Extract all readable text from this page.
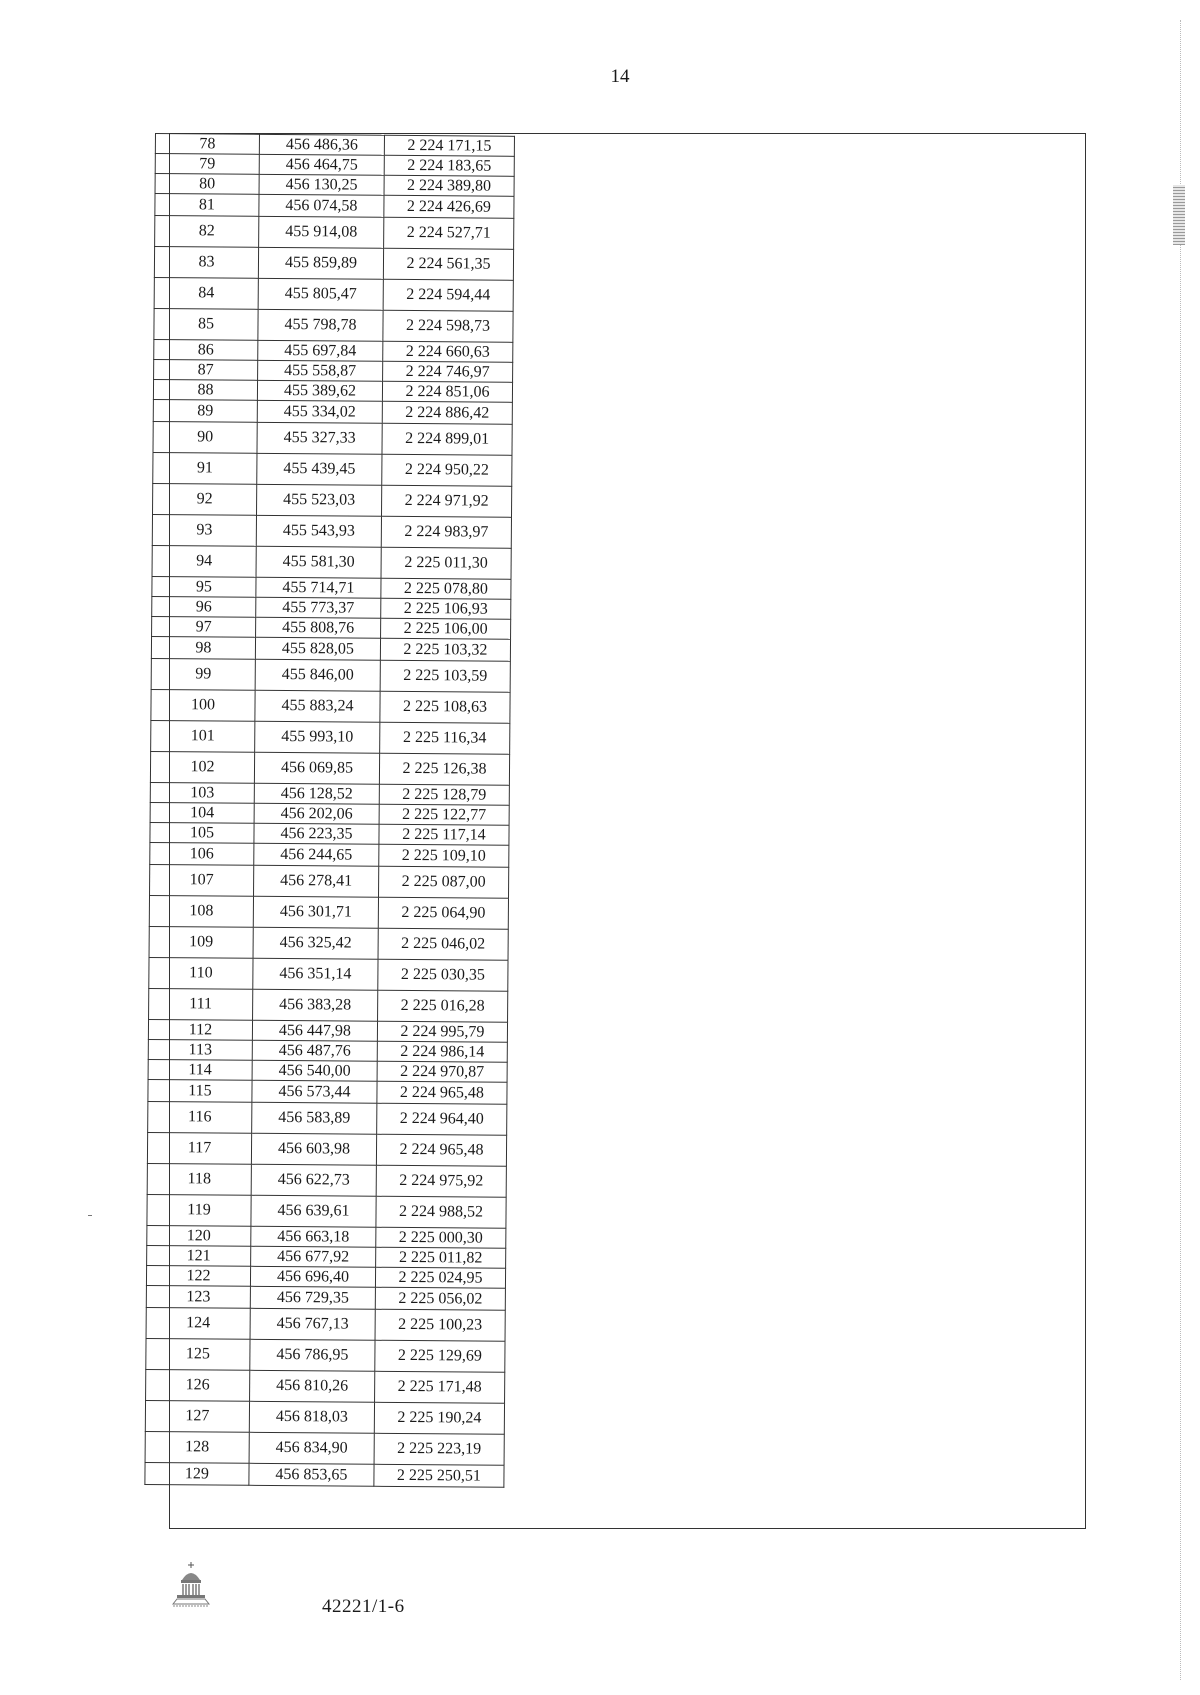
14
78	456 486,36	2 224 171,15
79	456 464,75	2 224 183,65
80	456 130,25	2 224 389,80
81	456 074,58	2 224 426,69
82	455 914,08	2 224 527,71
83	455 859,89	2 224 561,35
84	455 805,47	2 224 594,44
85	455 798,78	2 224 598,73
86	455 697,84	2 224 660,63
87	455 558,87	2 224 746,97
88	455 389,62	2 224 851,06
89	455 334,02	2 224 886,42
90	455 327,33	2 224 899,01
91	455 439,45	2 224 950,22
92	455 523,03	2 224 971,92
93	455 543,93	2 224 983,97
94	455 581,30	2 225 011,30
95	455 714,71	2 225 078,80
96	455 773,37	2 225 106,93
97	455 808,76	2 225 106,00
98	455 828,05	2 225 103,32
99	455 846,00	2 225 103,59
100	455 883,24	2 225 108,63
101	455 993,10	2 225 116,34
102	456 069,85	2 225 126,38
103	456 128,52	2 225 128,79
104	456 202,06	2 225 122,77
105	456 223,35	2 225 117,14
106	456 244,65	2 225 109,10
107	456 278,41	2 225 087,00
108	456 301,71	2 225 064,90
109	456 325,42	2 225 046,02
110	456 351,14	2 225 030,35
111	456 383,28	2 225 016,28
112	456 447,98	2 224 995,79
113	456 487,76	2 224 986,14
114	456 540,00	2 224 970,87
115	456 573,44	2 224 965,48
116	456 583,89	2 224 964,40
117	456 603,98	2 224 965,48
118	456 622,73	2 224 975,92
119	456 639,61	2 224 988,52
120	456 663,18	2 225 000,30
121	456 677,92	2 225 011,82
122	456 696,40	2 225 024,95
123	456 729,35	2 225 056,02
124	456 767,13	2 225 100,23
125	456 786,95	2 225 129,69
126	456 810,26	2 225 171,48
127	456 818,03	2 225 190,24
128	456 834,90	2 225 223,19
129	456 853,65	2 225 250,51
42221/1-6
